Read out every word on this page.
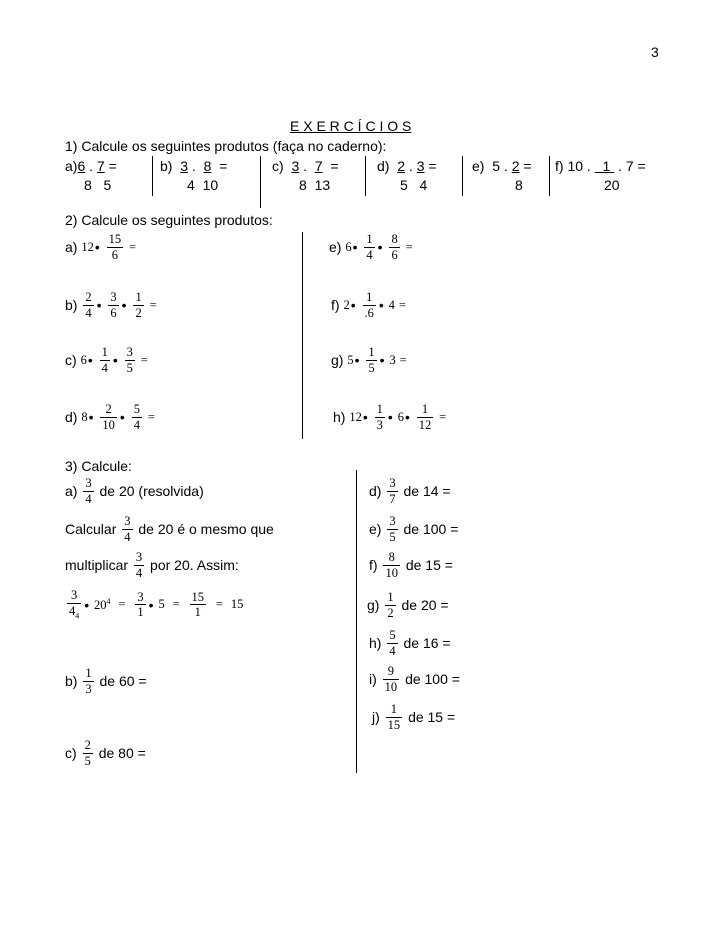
3
E X E R C Í C I O S
1) Calcule os seguintes produtos (faça no caderno):
a)6 . 7 =
8 5
b) 3 .  8 =
4 10
c) 3 .  7 =
8 13
d) 2 . 3 =
5 4
e) 5 . 2 =
8
f) 10 . 1 . 7 =
20
2) Calcule os seguintes produtos:
a) 12• $\frac{15}{6}$ =
$b) \frac{2}{4}$ • $\frac{3}{6}$ • $\frac{1}{2}$ =
c) 6• $\frac{1}{4}$ • $\frac{3}{5}$ =
d) 8• $\frac{2}{10}$ • $\frac{5}{4}$ =
e) 6• $\frac{1}{4}$ • $\frac{8}{6}$ =
f) 2• $\frac{1}{.6}$ • 4 =
g) 5• $\frac{1}{5}$ • 3 =
h) 12• $\frac{1}{3}$ • 6• $\frac{1}{12}$ =
3) Calcule:
$a) \frac{3}{4}$ de 20 (resolvida)
Calcular $\frac{3}{4}$ de 20 é o mesmo que
multiplicar $\frac{3}{4}$ por 20. Assim:
$\frac{3}{4_4}$ • $20^4 = \frac{3}{1}$ • $5 = \frac{15}{1} = 15$
$b) \frac{1}{3}$ de 60 =
$c) \frac{2}{5}$ de 80 =
$d) \frac{3}{7}$ de 14 =
$e) \frac{3}{5}$ de 100 =
$f) \frac{8}{10}$ de 15 =
$g) \frac{1}{2}$ de 20 =
$h) \frac{5}{4}$ de 16 =
$i) \frac{9}{10}$ de 100 =
$j) \frac{1}{15}$ de 15 =
